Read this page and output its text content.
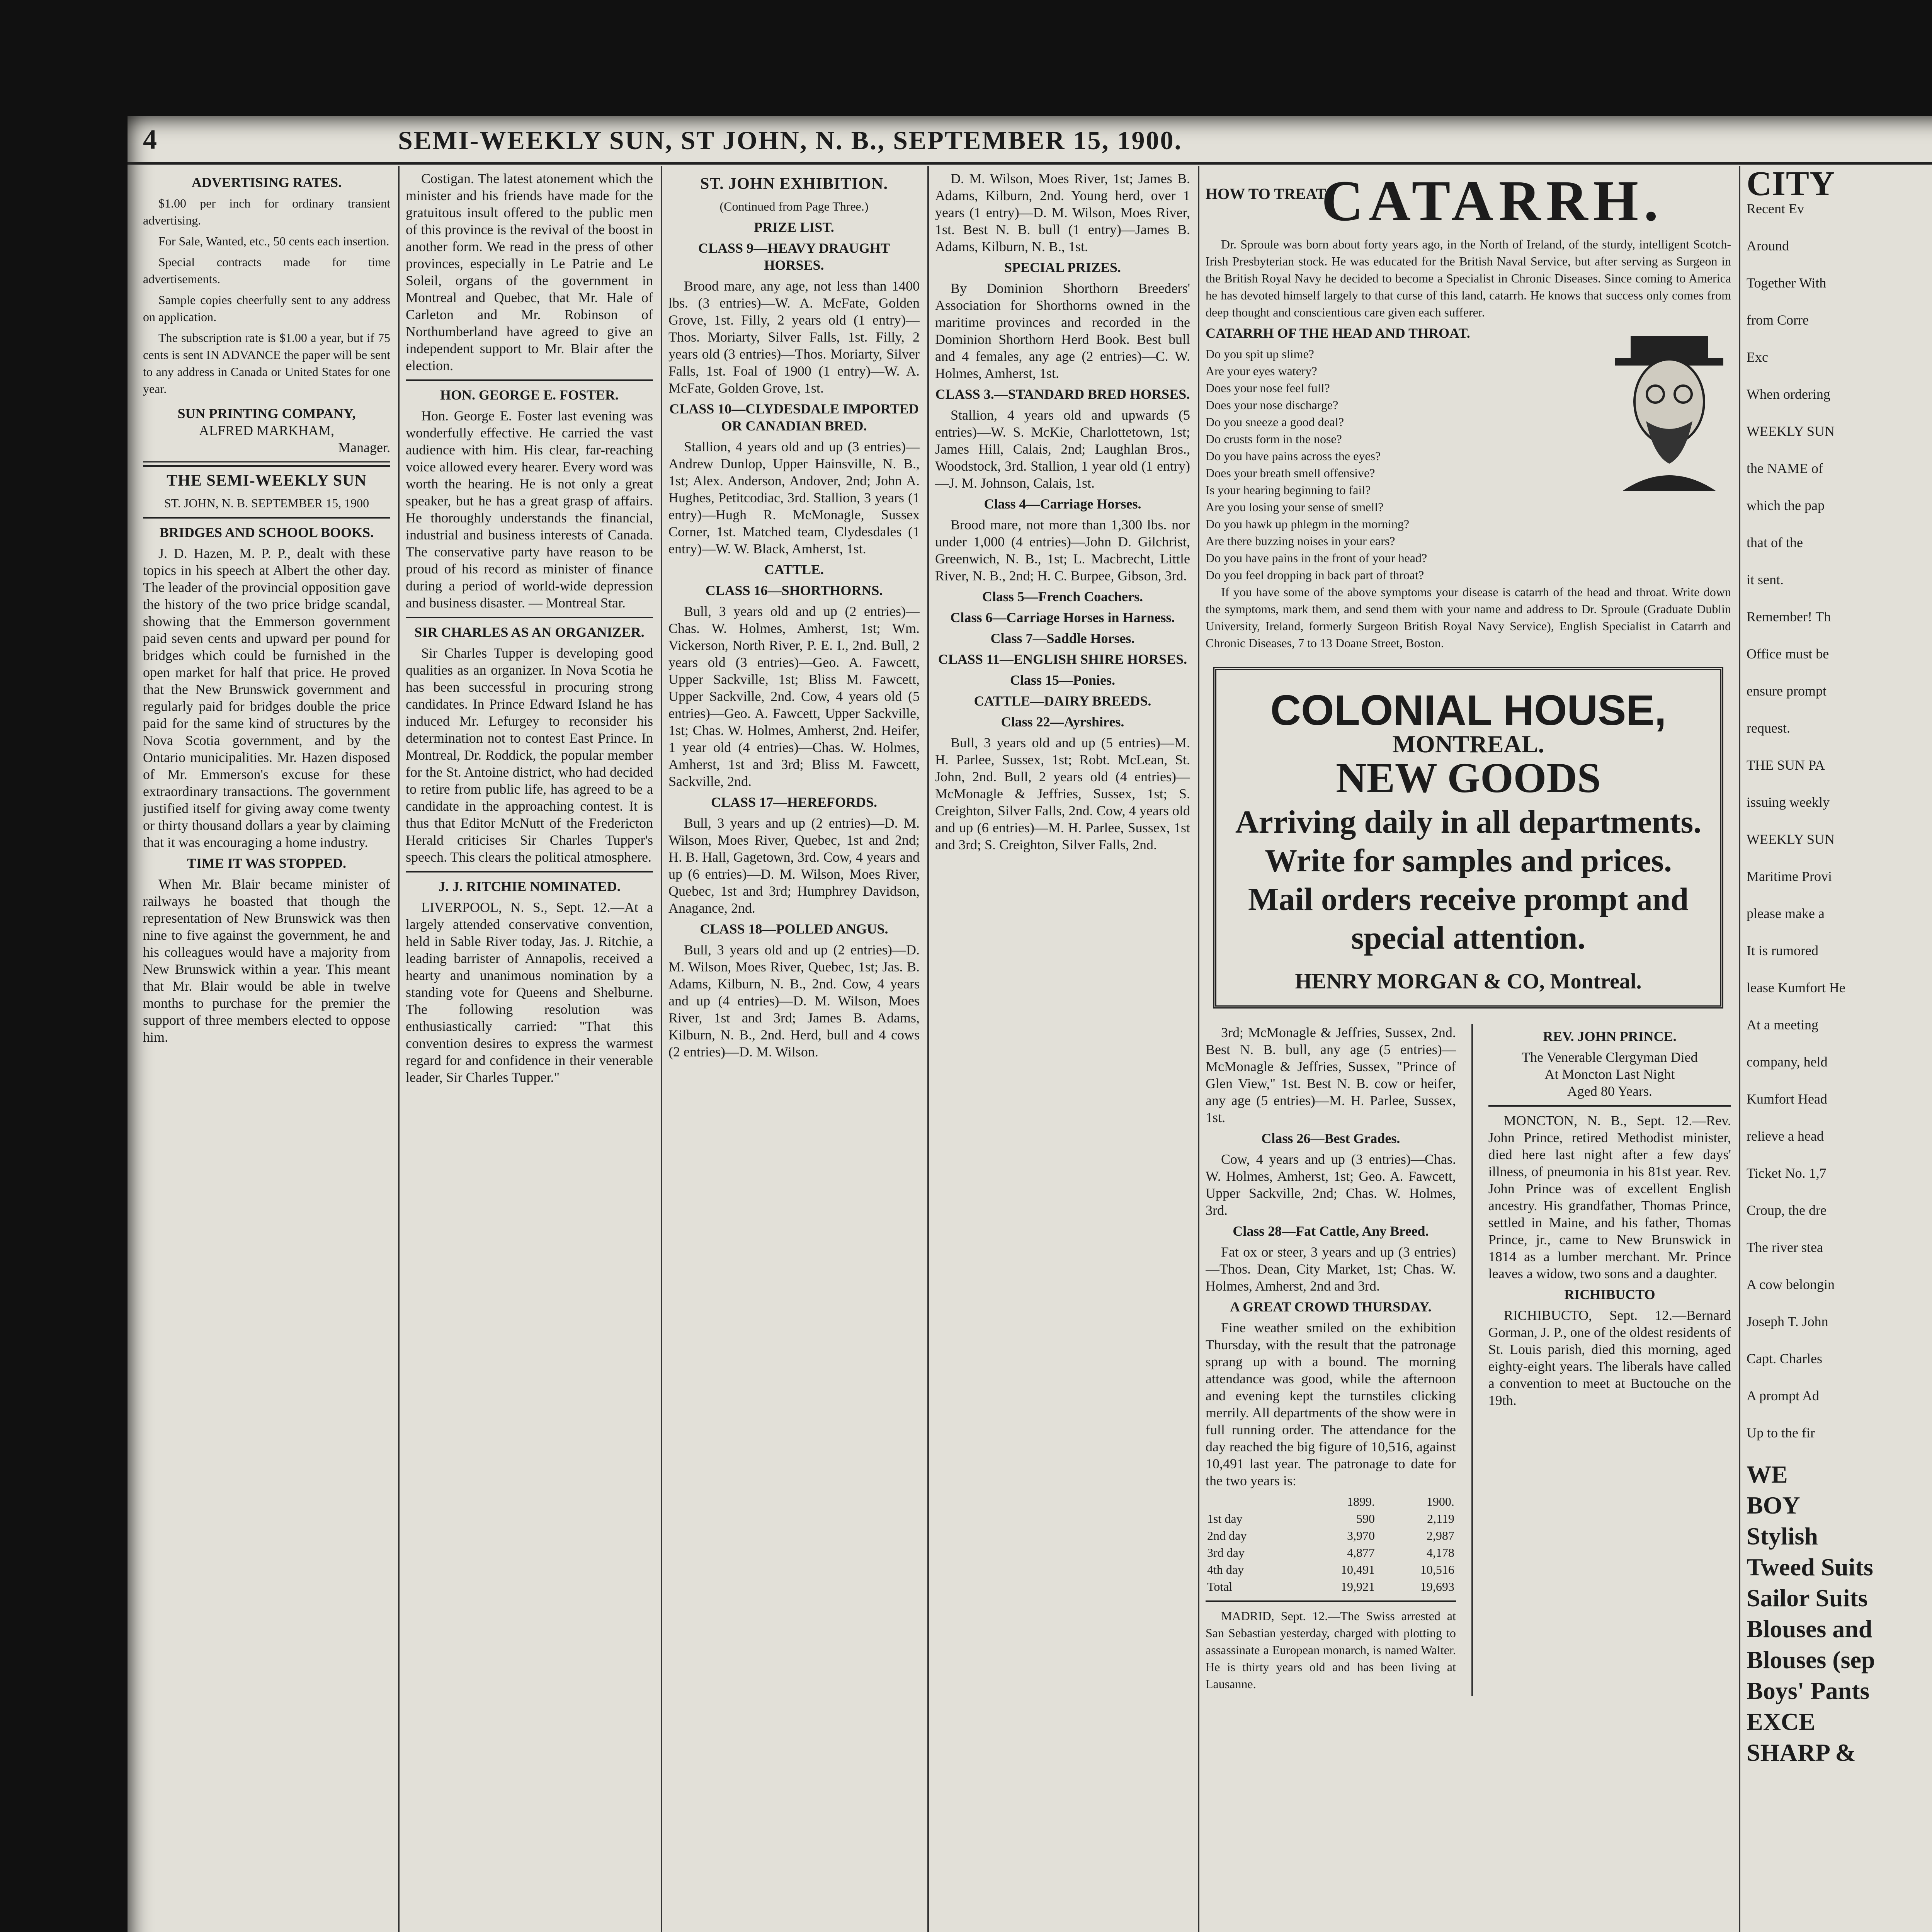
4	SEMI-WEEKLY SUN, ST JOHN, N. B., SEPTEMBER 15, 1900.
ADVERTISING RATES.

$1.00 per inch for ordinary transient advertising.

For Sale, Wanted, etc., 50 cents each insertion.

Special contracts made for time advertisements.

Sample copies cheerfully sent to any address on application.

The subscription rate is $1.00 a year, but if 75 cents is sent IN ADVANCE the paper will be sent to any address in Canada or United States for one year.

SUN PRINTING COMPANY,
ALFRED MARKHAM,
Manager.
THE SEMI-WEEKLY SUN
ST. JOHN, N. B. SEPTEMBER 15, 1900
BRIDGES AND SCHOOL BOOKS.

J. D. Hazen, M. P. P., dealt with these topics in his speech at Albert the other day. The leader of the provincial opposition gave the history of the two price bridge scandal, showing that the Emmerson government paid seven cents and upward per pound for bridges which could be furnished in the open market for half that price. He proved that the New Brunswick government and regularly paid for bridges double the price paid for the same kind of structures by the Nova Scotia government, and by the Ontario municipalities. Mr. Hazen disposed of Mr. Emmerson's excuse for these extraordinary transactions. The government justified itself for giving away come twenty or thirty thousand dollars a year by claiming that it was encouraging a home industry.

TIME IT WAS STOPPED.

When Mr. Blair became minister of railways he boasted that though the representation of New Brunswick was then nine to five against the government, he and his colleagues would have a majority from New Brunswick within a year. This meant that Mr. Blair would be able in twelve months to purchase for the premier the support of three members elected to oppose him.

Costigan. The latest atonement which the minister and his friends have made for the gratuitous insult offered to the public men of this province is the revival of the boost in another form. We read in the press of other provinces, especially in Le Patrie and Le Soleil, organs of the government in Montreal and Quebec, that Mr. Hale of Carleton and Mr. Robinson of Northumberland have agreed to give an independent support to Mr. Blair after the election.

HON. GEORGE E. FOSTER.

Hon. George E. Foster last evening was wonderfully effective. He carried the vast audience with him. His clear, far-reaching voice allowed every hearer. Every word was worth the hearing. He is not only a great speaker, but he has a great grasp of affairs. He thoroughly understands the financial, industrial and business interests of Canada. The conservative party have reason to be proud of his record as minister of finance during a period of world-wide depression and business disaster. — Montreal Star.

SIR CHARLES AS AN ORGANIZER.

Sir Charles Tupper is developing good qualities as an organizer. In Nova Scotia he has been successful in procuring strong candidates. In Prince Edward Island he has induced Mr. Lefurgey to reconsider his determination not to contest East Prince. In Montreal, Dr. Roddick, the popular member for the St. Antoine district, who had decided to retire from public life, has agreed to be a candidate in the approaching contest. It is thus that Editor McNutt of the Fredericton Herald criticises Sir Charles Tupper's speech. This clears the political atmosphere.

J. J. RITCHIE NOMINATED.

LIVERPOOL, N. S., Sept. 12.—At a largely attended conservative convention, held in Sable River today, Jas. J. Ritchie, a leading barrister of Annapolis, received a hearty and unanimous nomination by a standing vote for Queens and Shelburne. The following resolution was enthusiastically carried: "That this convention desires to express the warmest regard for and confidence in their venerable leader, Sir Charles Tupper."

ST. JOHN EXHIBITION.
(Continued from Page Three.)
PRIZE LIST.
CLASS 9—HEAVY DRAUGHT HORSES.

Brood mare, any age, not less than 1400 lbs. (3 entries)—W. A. McFate, Golden Grove, 1st. Filly, 2 years old (1 entry)—Thos. Moriarty, Silver Falls, 1st. Filly, 2 years old (3 entries)—Thos. Moriarty, Silver Falls, 1st. Foal of 1900 (1 entry)—W. A. McFate, Golden Grove, 1st.

CLASS 10—CLYDESDALE IMPORTED OR CANADIAN BRED.

Stallion, 4 years old and up (3 entries)—Andrew Dunlop, Upper Hainsville, N. B., 1st; Alex. Anderson, Andover, 2nd; John A. Hughes, Petitcodiac, 3rd. Stallion, 3 years (1 entry)—Hugh R. McMonagle, Sussex Corner, 1st. Matched team, Clydesdales (1 entry)—W. W. Black, Amherst, 1st.

CATTLE.
CLASS 16—SHORTHORNS.

Bull, 3 years old and up (2 entries)—Chas. W. Holmes, Amherst, 1st; Wm. Vickerson, North River, P. E. I., 2nd. Bull, 2 years old (3 entries)—Geo. A. Fawcett, Upper Sackville, 1st; Bliss M. Fawcett, Upper Sackville, 2nd. Cow, 4 years old (5 entries)—Geo. A. Fawcett, Upper Sackville, 1st; Chas. W. Holmes, Amherst, 2nd. Heifer, 1 year old (4 entries)—Chas. W. Holmes, Amherst, 1st and 3rd; Bliss M. Fawcett, Sackville, 2nd.

CLASS 17—HEREFORDS.

Bull, 3 years and up (2 entries)—D. M. Wilson, Moes River, Quebec, 1st and 2nd; H. B. Hall, Gagetown, 3rd. Cow, 4 years and up (6 entries)—D. M. Wilson, Moes River, Quebec, 1st and 3rd; Humphrey Davidson, Anagance, 2nd.

CLASS 18—POLLED ANGUS.

Bull, 3 years old and up (2 entries)—D. M. Wilson, Moes River, Quebec, 1st; Jas. B. Adams, Kilburn, N. B., 2nd. Cow, 4 years and up (4 entries)—D. M. Wilson, Moes River, 1st and 3rd; James B. Adams, Kilburn, N. B., 2nd. Herd, bull and 4 cows (2 entries)—D. M. Wilson.

D. M. Wilson, Moes River, 1st; James B. Adams, Kilburn, 2nd. Young herd, over 1 years (1 entry)—D. M. Wilson, Moes River, 1st. Best N. B. bull (1 entry)—James B. Adams, Kilburn, N. B., 1st.

SPECIAL PRIZES.

By Dominion Shorthorn Breeders' Association for Shorthorns owned in the maritime provinces and recorded in the Dominion Shorthorn Herd Book. Best bull and 4 females, any age (2 entries)—C. W. Holmes, Amherst, 1st.

CLASS 3.—STANDARD BRED HORSES.

Stallion, 4 years old and upwards (5 entries)—W. S. McKie, Charlottetown, 1st; James Hill, Calais, 2nd; Laughlan Bros., Woodstock, 3rd. Stallion, 1 year old (1 entry)—J. M. Johnson, Calais, 1st.

Class 4—Carriage Horses.

Brood mare, not more than 1,300 lbs. nor under 1,000 (4 entries)—John D. Gilchrist, Greenwich, N. B., 1st; L. Macbrecht, Little River, N. B., 2nd; H. C. Burpee, Gibson, 3rd.

Class 5—French Coachers.
Class 6—Carriage Horses in Harness.
Class 7—Saddle Horses.
CLASS 11—ENGLISH SHIRE HORSES.
Class 15—Ponies.
CATTLE—DAIRY BREEDS.
Class 22—Ayrshires.

Bull, 3 years old and up (5 entries)—M. H. Parlee, Sussex, 1st; Robt. McLean, St. John, 2nd. Bull, 2 years old (4 entries)—McMonagle & Jeffries, Sussex, 1st; S. Creighton, Silver Falls, 2nd. Cow, 4 years old and up (6 entries)—M. H. Parlee, Sussex, 1st and 3rd; S. Creighton, Silver Falls, 2nd.

HOW TO TREAT
CATARRH.

Dr. Sproule was born about forty years ago, in the North of Ireland, of the sturdy, intelligent Scotch-Irish Presbyterian stock. He was educated for the British Naval Service, but after serving as Surgeon in the British Royal Navy he decided to become a Specialist in Chronic Diseases. Since coming to America he has devoted himself largely to that curse of this land, catarrh. He knows that success only comes from deep thought and conscientious care given each sufferer.

CATARRH OF THE HEAD AND THROAT.
Do you spit up slime?
Are your eyes watery?
Does your nose feel full?
Does your nose discharge?
Do you sneeze a good deal?
Do crusts form in the nose?
Do you have pains across the eyes?
Does your breath smell offensive?
Is your hearing beginning to fail?
Are you losing your sense of smell?
Do you hawk up phlegm in the morning?
Are there buzzing noises in your ears?
Do you have pains in the front of your head?
Do you feel dropping in back part of throat?

If you have some of the above symptoms your disease is catarrh of the head and throat. Write down the symptoms, mark them, and send them with your name and address to Dr. Sproule (Graduate Dublin University, Ireland, formerly Surgeon British Royal Navy Service), English Specialist in Catarrh and Chronic Diseases, 7 to 13 Doane Street, Boston.

COLONIAL HOUSE,
MONTREAL.
NEW GOODS
Arriving daily in all departments. Write for samples and prices. Mail orders receive prompt and special attention.
HENRY MORGAN & CO, Montreal.

3rd; McMonagle & Jeffries, Sussex, 2nd. Best N. B. bull, any age (5 entries)—McMonagle & Jeffries, Sussex, "Prince of Glen View," 1st. Best N. B. cow or heifer, any age (5 entries)—M. H. Parlee, Sussex, 1st.

Class 26—Best Grades.

Cow, 4 years and up (3 entries)—Chas. W. Holmes, Amherst, 1st; Geo. A. Fawcett, Upper Sackville, 2nd; Chas. W. Holmes, 3rd.

Class 28—Fat Cattle, Any Breed.

Fat ox or steer, 3 years and up (3 entries)—Thos. Dean, City Market, 1st; Chas. W. Holmes, Amherst, 2nd and 3rd.

A GREAT CROWD THURSDAY.

Fine weather smiled on the exhibition Thursday, with the result that the patronage sprang up with a bound. The morning attendance was good, while the afternoon and evening kept the turnstiles clicking merrily. All departments of the show were in full running order. The attendance for the day reached the big figure of 10,516, against 10,491 last year. The patronage to date for the two years is:

	1899.	1900.
1st day	590	2,119
2nd day	3,970	2,987
3rd day	4,877	4,178
4th day	10,491	10,516
Total	19,921	19,693

MADRID, Sept. 12.—The Swiss arrested at San Sebastian yesterday, charged with plotting to assassinate a European monarch, is named Walter. He is thirty years old and has been living at Lausanne.

REV. JOHN PRINCE.
The Venerable Clergyman Died
At Moncton Last Night
Aged 80 Years.

MONCTON, N. B., Sept. 12.—Rev. John Prince, retired Methodist minister, died here last night after a few days' illness, of pneumonia in his 81st year. Rev. John Prince was of excellent English ancestry. His grandfather, Thomas Prince, settled in Maine, and his father, Thomas Prince, jr., came to New Brunswick in 1814 as a lumber merchant. Mr. Prince leaves a widow, two sons and a daughter.

RICHIBUCTO

RICHIBUCTO, Sept. 12.—Bernard Gorman, J. P., one of the oldest residents of St. Louis parish, died this morning, aged eighty-eight years. The liberals have called a convention to meet at Buctouche on the 19th.

CITY
Recent Ev
Around
Together With
from Corre
Exc
When ordering
WEEKLY SUN
the NAME of
which the pap
that of the
it sent.
Remember! Th
Office must be
ensure prompt
request.
THE SUN PA
issuing weekly
WEEKLY SUN
Maritime Provi
please make a
It is rumored
lease Kumfort He
At a meeting
company, held
Kumfort Head
relieve a head
Ticket No. 1,7
Croup, the dre
The river stea
A cow belongin
Joseph T. John
Capt. Charles
A prompt Ad
Up to the fir
WE
BOY
Stylish
Tweed Suits
Sailor Suits
Blouses and
Blouses (sep
Boys' Pants
EXCE
SHARP &
